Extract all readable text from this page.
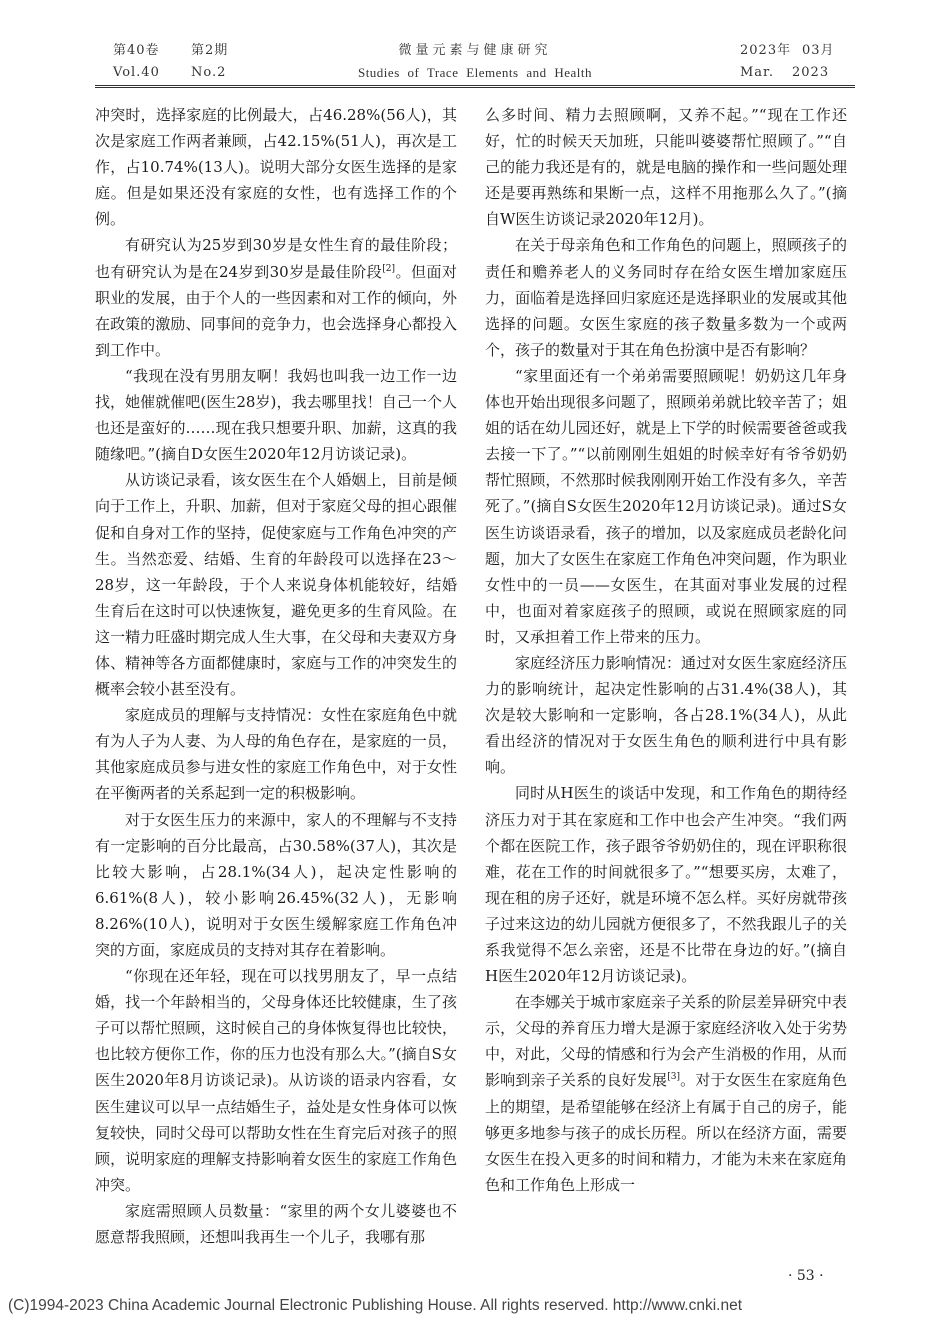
第40卷 第2期
Vol.40 No.2
微量元素与健康研究
Studies of Trace Elements and Health
2023年 03月
Mar. 2023

冲突时，选择家庭的比例最大，占46.28%(56人)，其次是家庭工作两者兼顾，占42.15%(51人)，再次是工作，占10.74%(13人)。说明大部分女医生选择的是家庭。但是如果还没有家庭的女性，也有选择工作的个例。

有研究认为25岁到30岁是女性生育的最佳阶段；也有研究认为是在24岁到30岁是最佳阶段[2]。但面对职业的发展，由于个人的一些因素和对工作的倾向，外在政策的激励、同事间的竞争力，也会选择身心都投入到工作中。

“我现在没有男朋友啊！我妈也叫我一边工作一边找，她催就催吧(医生28岁)，我去哪里找！自己一个人也还是蛮好的……现在我只想要升职、加薪，这真的我随缘吧。”(摘自D女医生2020年12月访谈记录)。

从访谈记录看，该女医生在个人婚姻上，目前是倾向于工作上，升职、加薪，但对于家庭父母的担心跟催促和自身对工作的坚持，促使家庭与工作角色冲突的产生。当然恋爱、结婚、生育的年龄段可以选择在23～28岁，这一年龄段，于个人来说身体机能较好，结婚生育后在这时可以快速恢复，避免更多的生育风险。在这一精力旺盛时期完成人生大事，在父母和夫妻双方身体、精神等各方面都健康时，家庭与工作的冲突发生的概率会较小甚至没有。

家庭成员的理解与支持情况：女性在家庭角色中就有为人子为人妻、为人母的角色存在，是家庭的一员，其他家庭成员参与进女性的家庭工作角色中，对于女性在平衡两者的关系起到一定的积极影响。

对于女医生压力的来源中，家人的不理解与不支持有一定影响的百分比最高，占30.58%(37人)，其次是比较大影响，占28.1%(34人)，起决定性影响的6.61%(8人)，较小影响26.45%(32人)，无影响8.26%(10人)，说明对于女医生缓解家庭工作角色冲突的方面，家庭成员的支持对其存在着影响。

“你现在还年轻，现在可以找男朋友了，早一点结婚，找一个年龄相当的，父母身体还比较健康，生了孩子可以帮忙照顾，这时候自己的身体恢复得也比较快，也比较方便你工作，你的压力也没有那么大。”(摘自S女医生2020年8月访谈记录)。从访谈的语录内容看，女医生建议可以早一点结婚生子，益处是女性身体可以恢复较快，同时父母可以帮助女性在生育完后对孩子的照顾，说明家庭的理解支持影响着女医生的家庭工作角色冲突。

家庭需照顾人员数量：“家里的两个女儿婆婆也不愿意帮我照顾，还想叫我再生一个儿子，我哪有那

么多时间、精力去照顾啊，又养不起。”“现在工作还好，忙的时候天天加班，只能叫婆婆帮忙照顾了。”“自己的能力我还是有的，就是电脑的操作和一些问题处理还是要再熟练和果断一点，这样不用拖那么久了。”(摘自W医生访谈记录2020年12月)。

在关于母亲角色和工作角色的问题上，照顾孩子的责任和赡养老人的义务同时存在给女医生增加家庭压力，面临着是选择回归家庭还是选择职业的发展或其他选择的问题。女医生家庭的孩子数量多数为一个或两个，孩子的数量对于其在角色扮演中是否有影响？

“家里面还有一个弟弟需要照顾呢！奶奶这几年身体也开始出现很多问题了，照顾弟弟就比较辛苦了；姐姐的话在幼儿园还好，就是上下学的时候需要爸爸或我去接一下了。”“以前刚刚生姐姐的时候幸好有爷爷奶奶帮忙照顾，不然那时候我刚刚开始工作没有多久，辛苦死了。”(摘自S女医生2020年12月访谈记录)。通过S女医生访谈语录看，孩子的增加，以及家庭成员老龄化问题，加大了女医生在家庭工作角色冲突问题，作为职业女性中的一员——女医生，在其面对事业发展的过程中，也面对着家庭孩子的照顾，或说在照顾家庭的同时，又承担着工作上带来的压力。

家庭经济压力影响情况：通过对女医生家庭经济压力的影响统计，起决定性影响的占31.4%(38人)，其次是较大影响和一定影响，各占28.1%(34人)，从此看出经济的情况对于女医生角色的顺利进行中具有影响。

同时从H医生的谈话中发现，和工作角色的期待经济压力对于其在家庭和工作中也会产生冲突。“我们两个都在医院工作，孩子跟爷爷奶奶住的，现在评职称很难，花在工作的时间就很多了。”“想要买房，太难了，现在租的房子还好，就是环境不怎么样。买好房就带孩子过来这边的幼儿园就方便很多了，不然我跟儿子的关系我觉得不怎么亲密，还是不比带在身边的好。”(摘自H医生2020年12月访谈记录)。

在李娜关于城市家庭亲子关系的阶层差异研究中表示，父母的养育压力增大是源于家庭经济收入处于劣势中，对此，父母的情感和行为会产生消极的作用，从而影响到亲子关系的良好发展[3]。对于女医生在家庭角色上的期望，是希望能够在经济上有属于自己的房子，能够更多地参与孩子的成长历程。所以在经济方面，需要女医生在投入更多的时间和精力，才能为未来在家庭角色和工作角色上形成一

· 53 ·
(C)1994-2023 China Academic Journal Electronic Publishing House. All rights reserved. http://www.cnki.net
